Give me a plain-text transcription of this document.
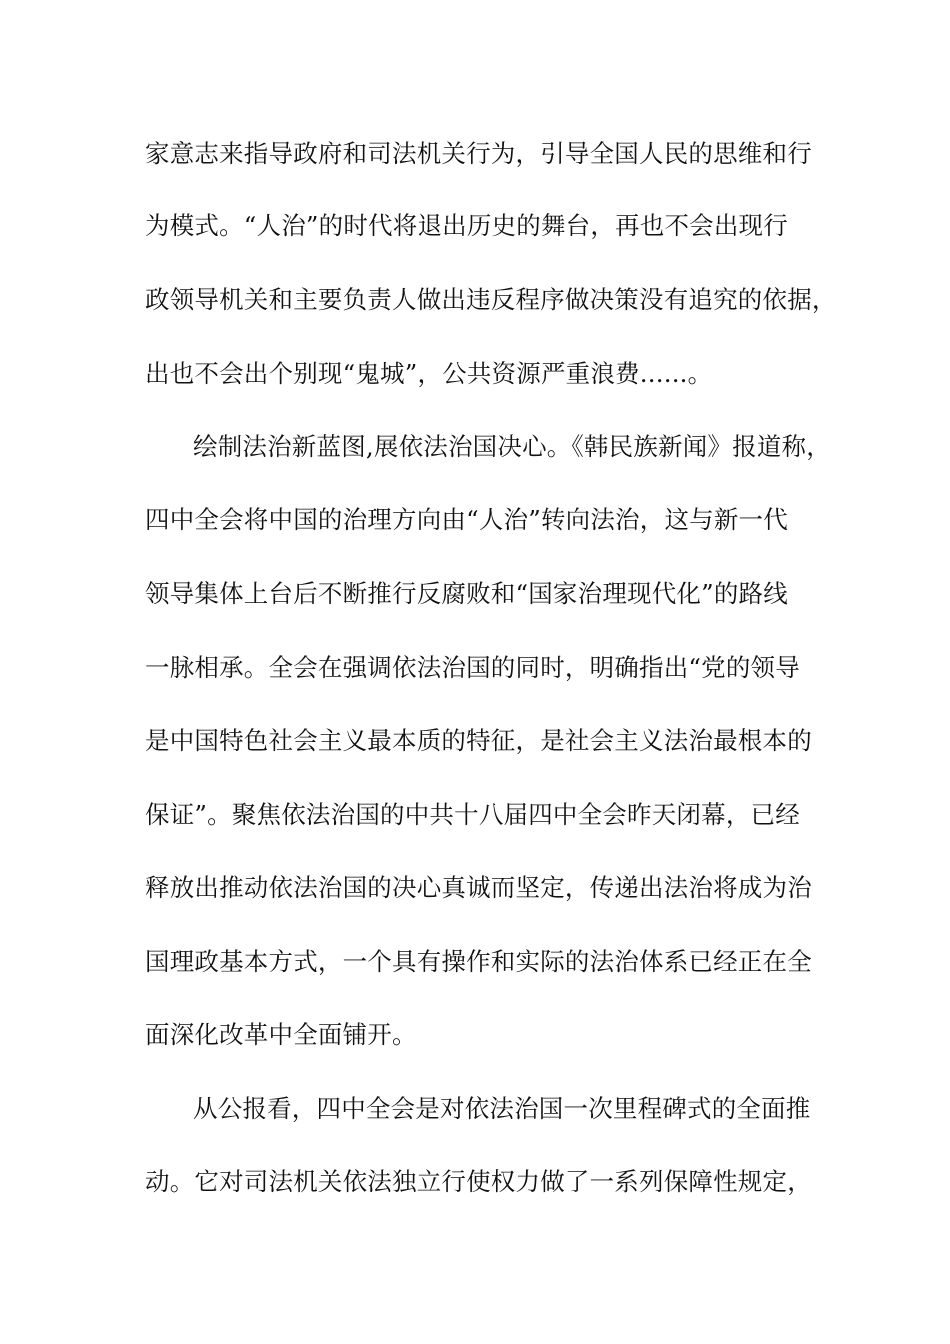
家意志来指导政府和司法机关行为，引导全国人民的思维和行
为模式。“人治”的时代将退出历史的舞台，再也不会出现行
政领导机关和主要负责人做出违反程序做决策没有追究的依据，
出也不会出个别现“鬼城”，公共资源严重浪费......。
绘制法治新蓝图,展依法治国决心。《韩民族新闻》报道称，
四中全会将中国的治理方向由“人治”转向法治，这与新一代
领导集体上台后不断推行反腐败和“国家治理现代化”的路线
一脉相承。全会在强调依法治国的同时，明确指出“党的领导
是中国特色社会主义最本质的特征，是社会主义法治最根本的
保证”。聚焦依法治国的中共十八届四中全会昨天闭幕，已经
释放出推动依法治国的决心真诚而坚定，传递出法治将成为治
国理政基本方式，一个具有操作和实际的法治体系已经正在全
面深化改革中全面铺开。
从公报看，四中全会是对依法治国一次里程碑式的全面推
动。它对司法机关依法独立行使权力做了一系列保障性规定，
